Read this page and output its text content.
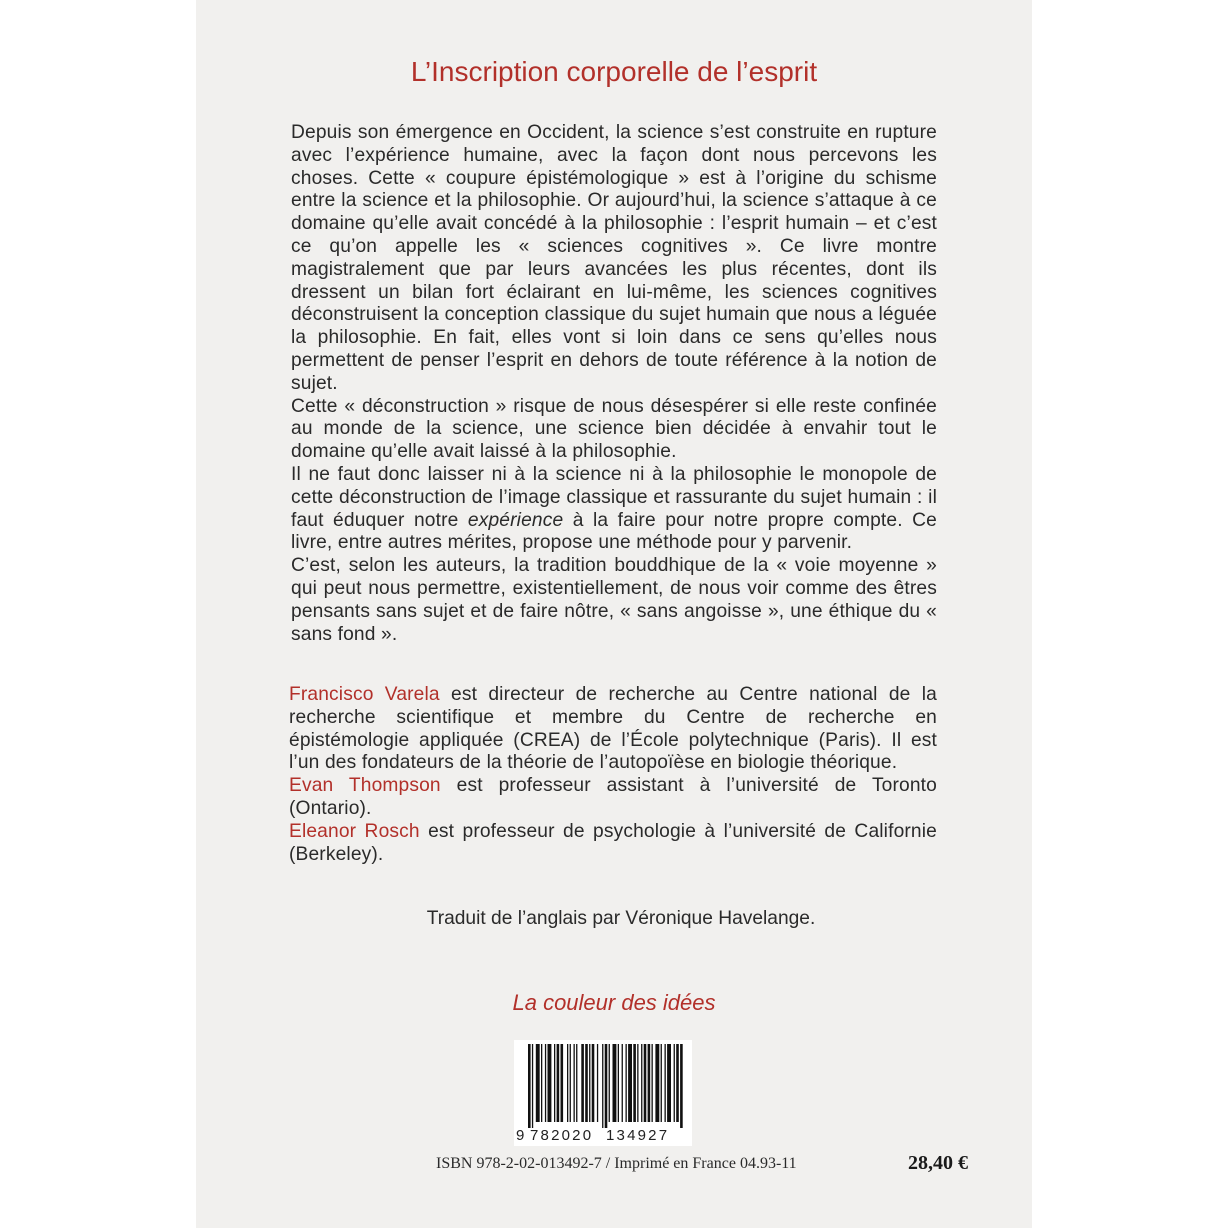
L’Inscription corporelle de l’esprit

Depuis son émergence en Occident, la science s’est construite en rupture avec l’expérience humaine, avec la façon dont nous percevons les choses. Cette « coupure épistémologique » est à l’origine du schisme entre la science et la philosophie. Or aujourd’hui, la science s’attaque à ce domaine qu’elle avait concédé à la philosophie : l’esprit humain – et c’est ce qu’on appelle les « sciences cognitives ». Ce livre montre magistralement que par leurs avancées les plus récentes, dont ils dressent un bilan fort éclairant en lui-même, les sciences cognitives déconstruisent la conception classique du sujet humain que nous a léguée la philosophie. En fait, elles vont si loin dans ce sens qu’elles nous permettent de penser l’esprit en dehors de toute référence à la notion de sujet.

Cette « déconstruction » risque de nous désespérer si elle reste confinée au monde de la science, une science bien décidée à envahir tout le domaine qu’elle avait laissé à la philosophie.

Il ne faut donc laisser ni à la science ni à la philosophie le monopole de cette déconstruction de l’image classique et rassurante du sujet humain : il faut éduquer notre expérience à la faire pour notre propre compte. Ce livre, entre autres mérites, propose une méthode pour y parvenir.

C’est, selon les auteurs, la tradition bouddhique de la « voie moyenne » qui peut nous permettre, existentiellement, de nous voir comme des êtres pensants sans sujet et de faire nôtre, « sans angoisse », une éthique du « sans fond ».

Francisco Varela est directeur de recherche au Centre national de la recherche scientifique et membre du Centre de recherche en épistémologie appliquée (CREA) de l’École polytechnique (Paris). Il est l’un des fondateurs de la théorie de l’autopoïèse en biologie théorique.

Evan Thompson est professeur assistant à l’université de Toronto (Ontario).

Eleanor Rosch est professeur de psychologie à l’université de Californie (Berkeley).

Traduit de l’anglais par Véronique Havelange.
La couleur des idées
9 782020 134927
ISBN 978-2-02-013492-7 / Imprimé en France 04.93-11	28,40 €
